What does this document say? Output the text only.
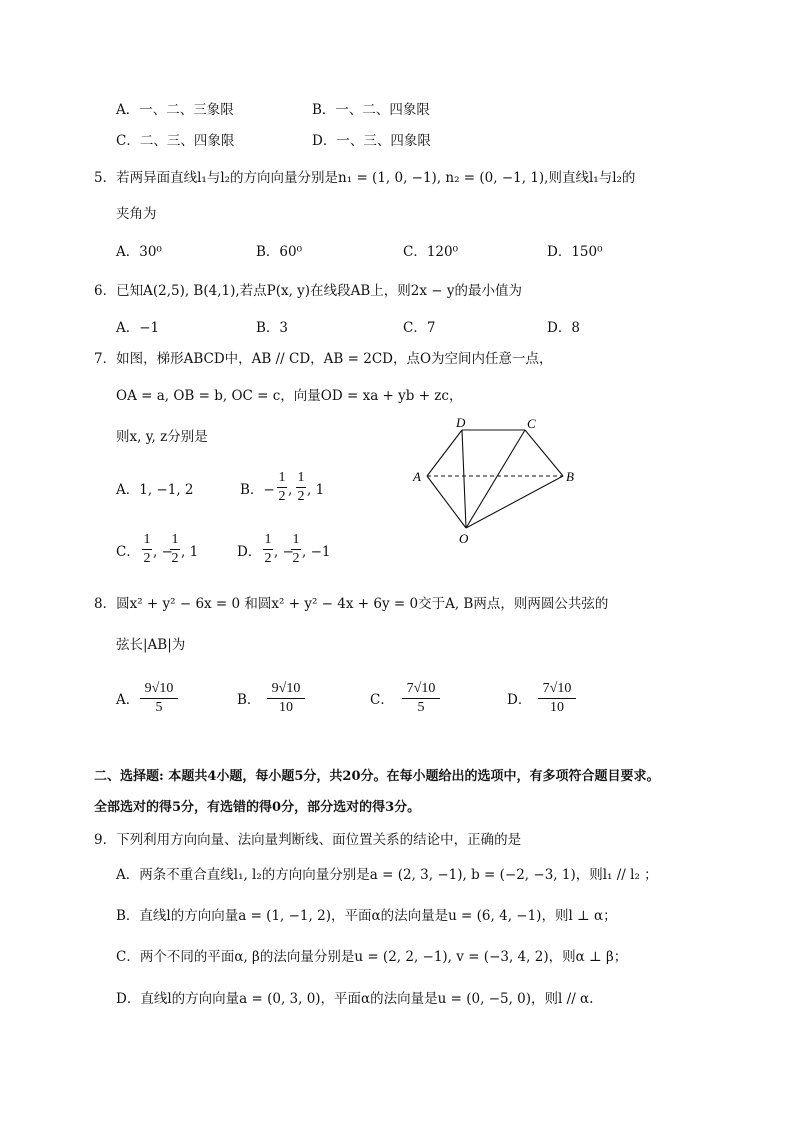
A．一、二、三象限	B．一、二、四象限
C．二、三、四象限	D．一、三、四象限
5．若两异面直线l₁与l₂的方向向量分别是n₁ = (1, 0, −1), n₂ = (0, −1, 1),则直线l₁与l₂的
夹角为
A．30⁰	B．60⁰	C．120⁰	D．150⁰
6．已知A(2,5), B(4,1),若点P(x, y)在线段AB上，则2x − y的最小值为
A．−1	B．3	C．7	D．8
7．如图，梯形ABCD中，AB // CD，AB = 2CD，点O为空间内任意一点，
OA = a, OB = b, OC = c，向量OD = xa + yb + zc，
则x, y, z分别是
A．1, −1, 2	B．−
1
2 ,
1
2 , 1
C．
1
2 , −
1
2 , 1	D．
1
2 , −
1
2 , −1
A	B
C
D
O
8．圆x² + y² − 6x = 0 和圆x² + y² − 4x + 6y = 0交于A, B两点，则两圆公共弦的
弦长|AB|为
A．
9√10
5	B．
9√10
10	C．
7√10
5	D．
7√10
10
二、选择题: 本题共4小题，每小题5分，共20分。在每小题给出的选项中，有多项符合题目要求。
全部选对的得5分，有选错的得0分，部分选对的得3分。
9．下列利用方向向量、法向量判断线、面位置关系的结论中，正确的是
A．两条不重合直线l₁, l₂的方向向量分别是a = (2, 3, −1), b = (−2, −3, 1)，则l₁ // l₂ ；
B．直线l的方向向量a = (1, −1, 2)，平面α的法向量是u = (6, 4, −1)，则l ⊥ α；
C．两个不同的平面α, β的法向量分别是u = (2, 2, −1), v = (−3, 4, 2)，则α ⊥ β；
D．直线l的方向向量a = (0, 3, 0)，平面α的法向量是u = (0, −5, 0)，则l // α.
